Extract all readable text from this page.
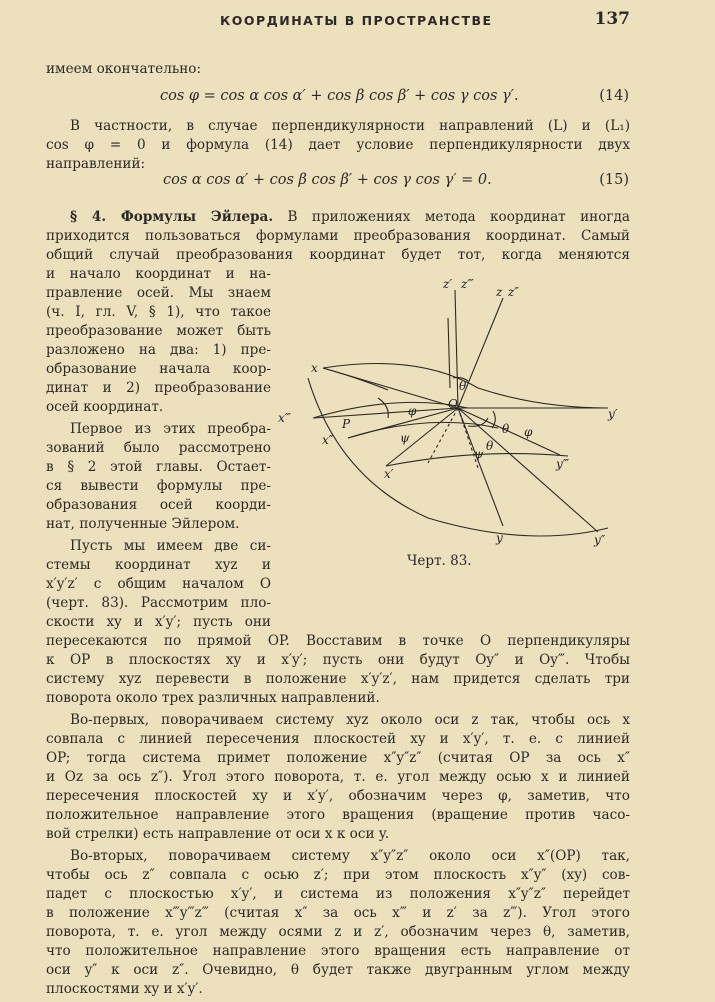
КООРДИНАТЫ В ПРОСТРАНСТВЕ	137
имеем окончательно:
cos φ = cos α cos α′ + cos β cos β′ + cos γ cos γ′.	(14)
В частности, в случае перпендикулярности направлений (L) и (L₁)
cos φ = 0 и формула (14) дает условие перпендикулярности двух
направлений:
cos α cos α′ + cos β cos β′ + cos γ cos γ′ = 0.	(15)
§ 4. Формулы Эйлера. В приложениях метода координат иногда
приходится пользоваться формулами преобразования координат. Самый
общий случай преобразования координат будет тот, когда меняются
и начало координат и на-
правление осей. Мы знаем
(ч. I, гл. V, § 1), что такое
преобразование может быть
разложено на два: 1) пре-
образование начала коор-
динат и 2) преобразование
осей координат.
Первое из этих преобра-
зований было рассмотрено
в § 2 этой главы. Остает-
ся вывести формулы пре-
образования осей коорди-
нат, полученные Эйлером.
Пусть мы имеем две си-
стемы координат xyz и
x′y′z′ с общим началом O
(черт. 83). Рассмотрим пло-
скости xy и x′y′; пусть они
пересекаются по прямой OP. Восставим в точке O перпендикуляры
к OP в плоскостях xy и x′y′; пусть они будут Oy″ и Oy‴. Чтобы
систему xyz перевести в положение x′y′z′, нам придется сделать три
поворота около трех различных направлений.
Во-первых, поворачиваем систему xyz около оси z так, чтобы ось x
совпала с линией пересечения плоскостей xy и x′y′, т. е. с линией
OP; тогда система примет положение x″y″z″ (считая OP за ось x″
и Oz за ось z″). Угол этого поворота, т. е. угол между осью x и линией
пересечения плоскостей xy и x′y′, обозначим через φ, заметив, что
положительное направление этого вращения (вращение против часо-
вой стрелки) есть направление от оси x к оси y.
Во-вторых, поворачиваем систему x″y″z″ около оси x″(OP) так,
чтобы ось z″ совпала с осью z′; при этом плоскость x″y″ (xy) сов-
падет с плоскостью x′y′, и система из положения x″y″z″ перейдет
в положение x‴y‴z‴ (считая x″ за ось x‴ и z′ за z‴). Угол этого
поворота, т. е. угол между осями z и z′, обозначим через θ, заметив,
что положительное направление этого вращения есть направление от
оси y″ к оси z″. Очевидно, θ будет также двугранным углом между
плоскостями xy и x′y′.
z′ z‴
z z″
x
x‴
x″
x′
P
O
y′
y‴
y	y″
φ
φ
ψ
ψ
θ
θ
θ
Черт. 83.
